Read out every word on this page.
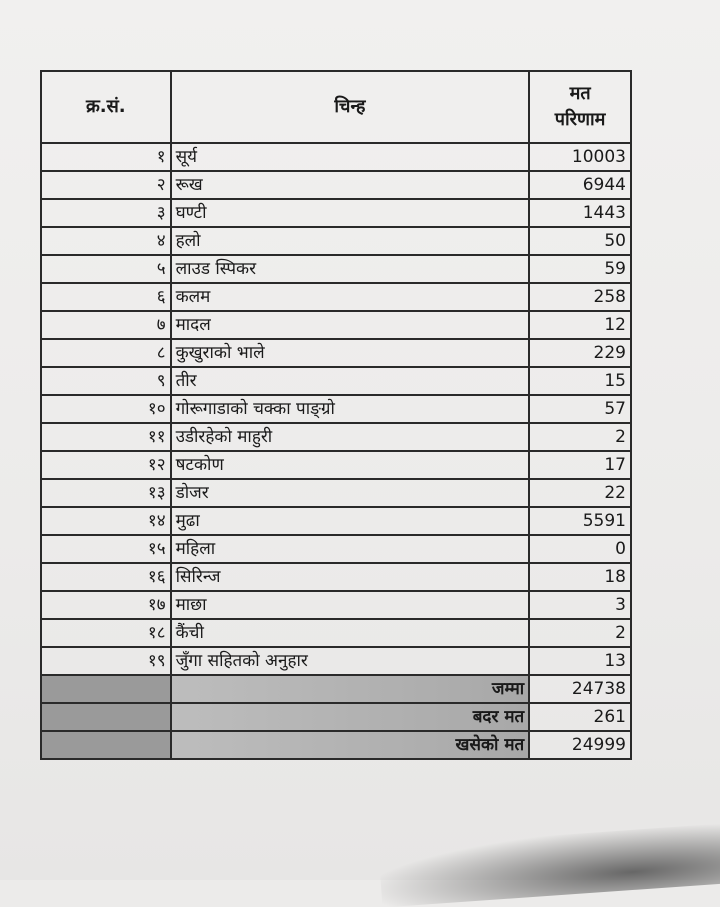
क्र.सं.	चिन्ह	मत
परिणाम

१	सूर्य	10003
२	रूख	6944
३	घण्टी	1443
४	हलो	50
५	लाउड स्पिकर	59
६	कलम	258
७	मादल	12
८	कुखुराको भाले	229
९	तीर	15
१०	गोरूगाडाको चक्का पाङ्ग्रो	57
११	उडीरहेको माहुरी	2
१२	षटकोण	17
१३	डोजर	22
१४	मुढा	5591
१५	महिला	0
१६	सिरिन्ज	18
१७	माछा	3
१८	कैंची	2
१९	जुँगा सहितको अनुहार	13
	जम्मा	24738
	बदर मत	261
	खसेको मत	24999
